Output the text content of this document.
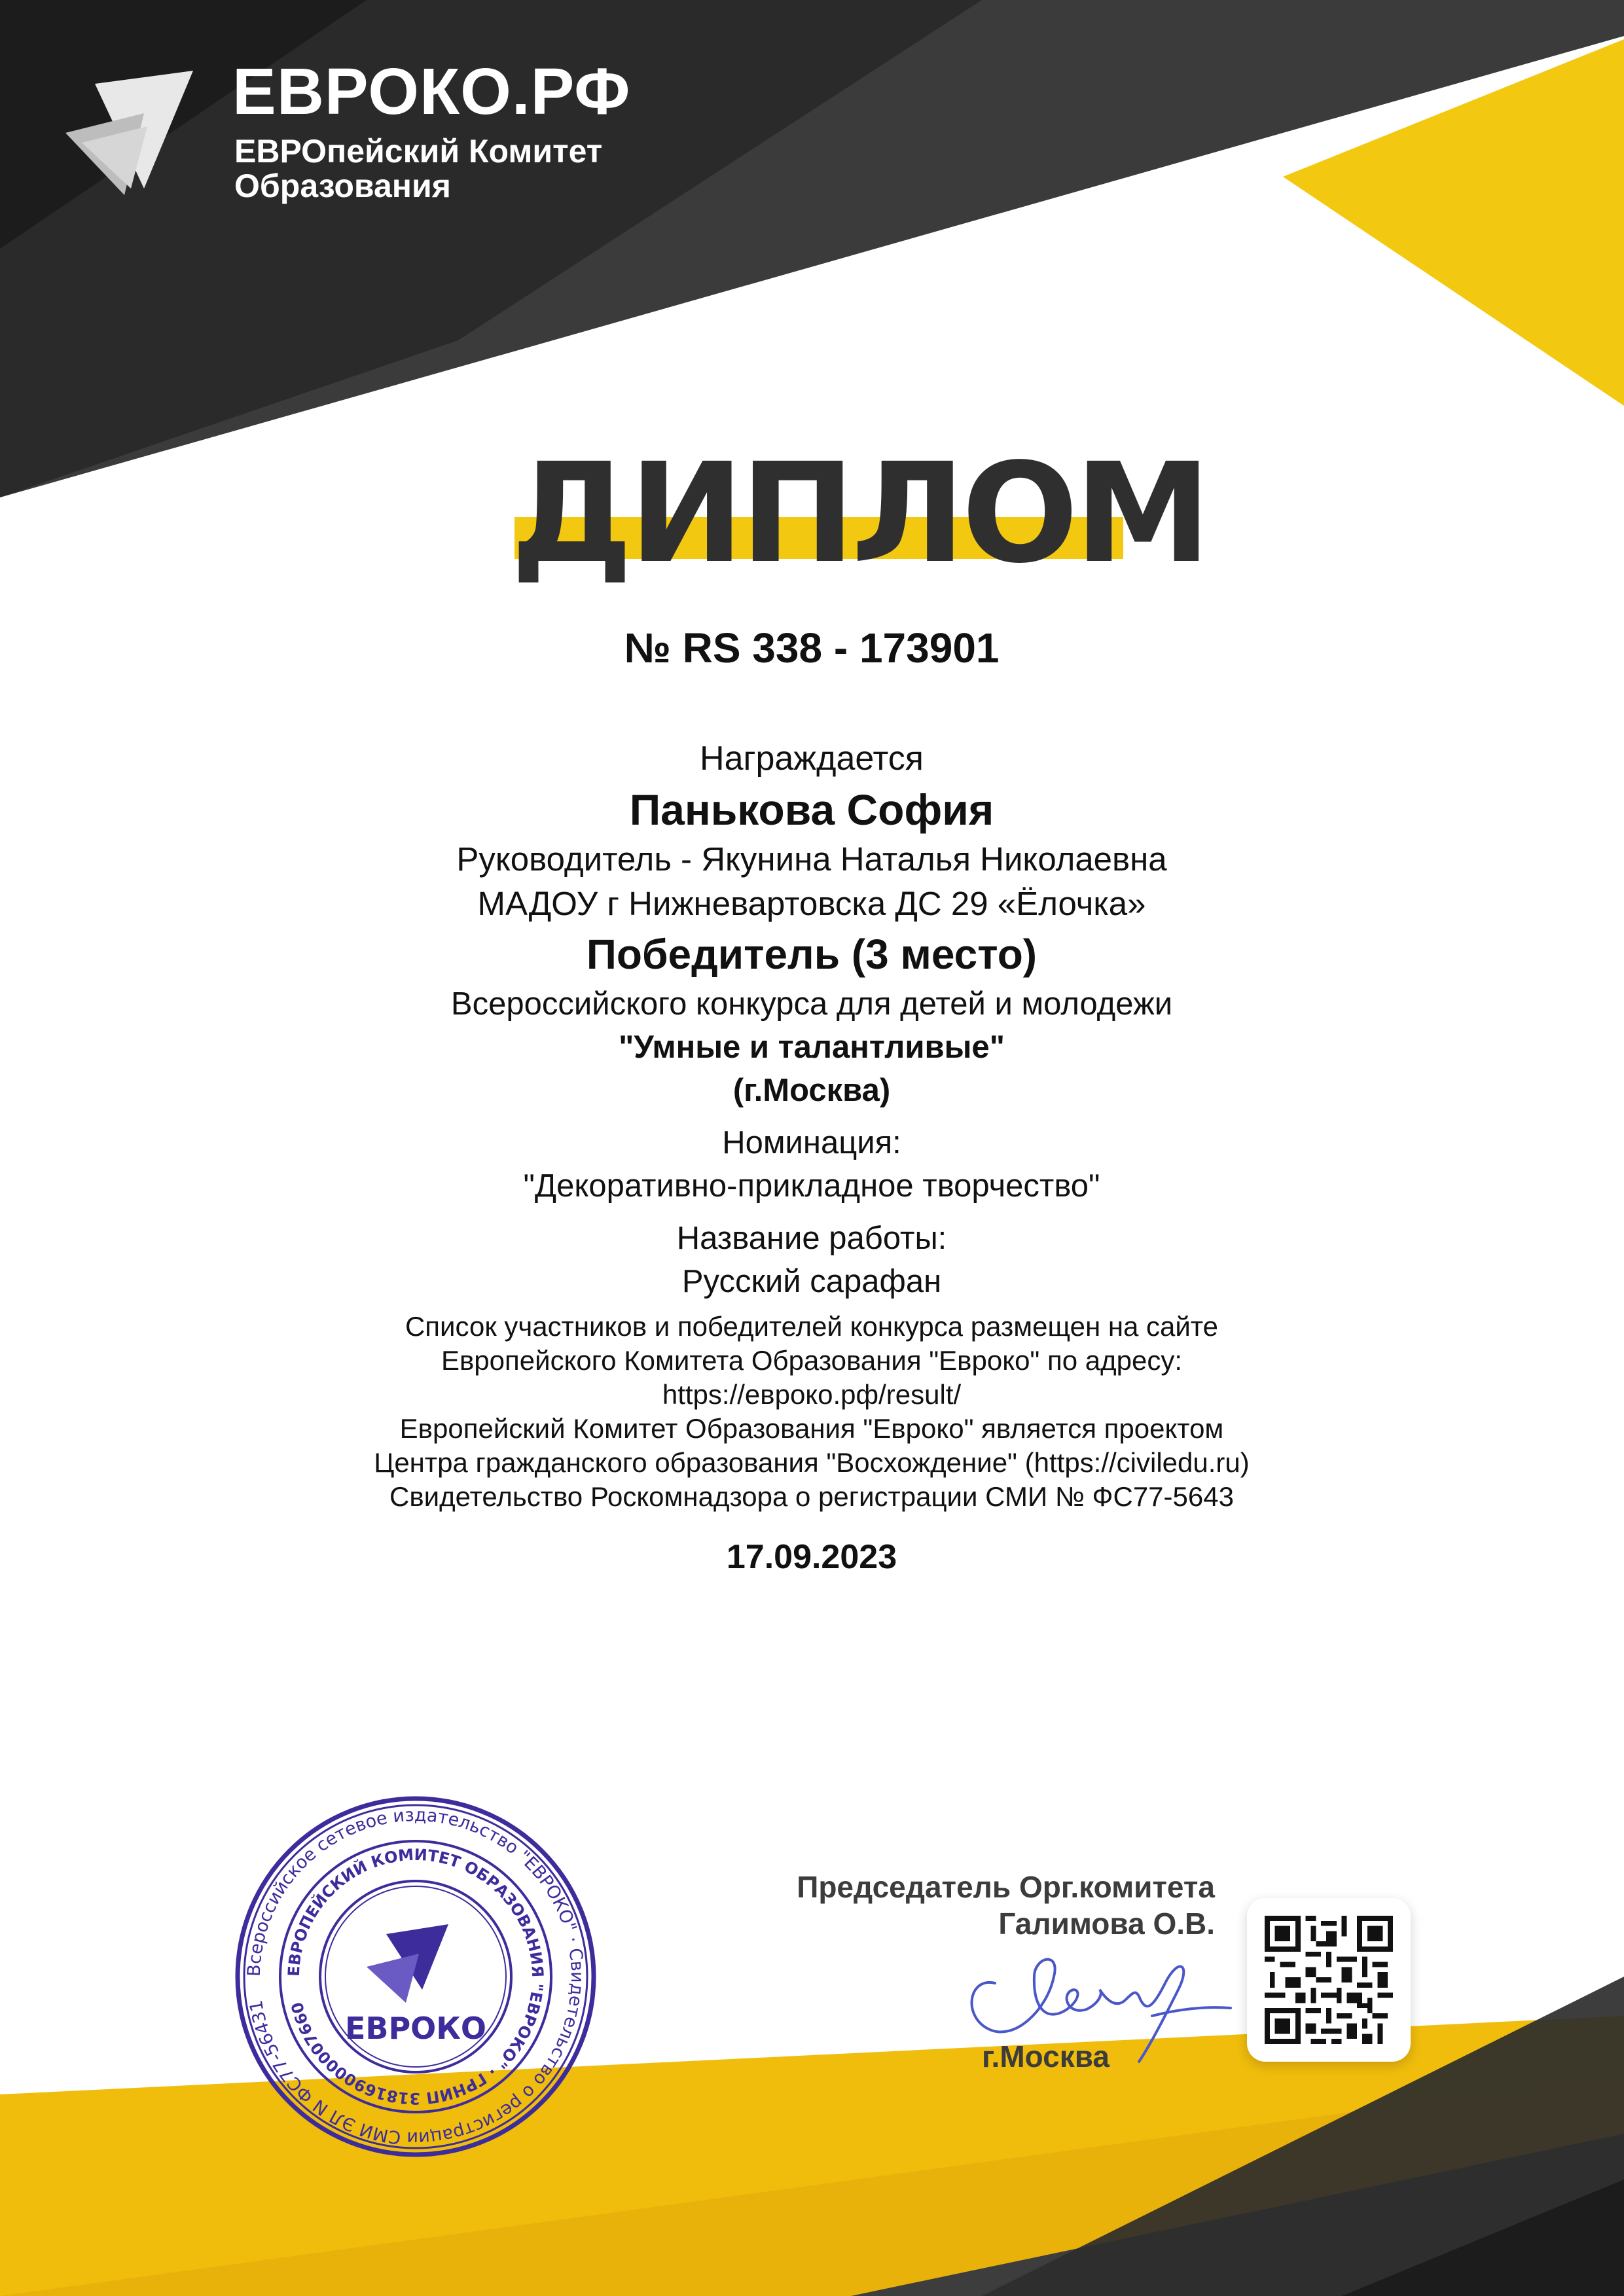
ЕВРОКО.РФ
ЕВРОпейский Комитет
Образования
ДИПЛОМ
№ RS 338 - 173901
Награждается
Панькова София
Руководитель - Якунина Наталья Николаевна
МАДОУ г Нижневартовска ДС 29 «Ёлочка»
Победитель (3 место)
Всероссийского конкурса для детей и молодежи
"Умные и талантливые"
(г.Москва)
Номинация:
"Декоративно-прикладное творчество"
Название работы:
Русский сарафан
Список участников и победителей конкурса размещен на сайте
Европейского Комитета Образования "Евроко" по адресу:
https://евроко.рф/result/
Европейский Комитет Образования "Евроко" является проектом
Центра гражданского образования "Восхождение" (https://civiledu.ru)
Свидетельство Роскомнадзора о регистрации СМИ № ФС77-5643
17.09.2023
Всероссийское сетевое издательство "ЕВРОКО" · Свидетельство о регистрации СМИ ЭЛ N ФС77-56431
ЕВРОПЕЙСКИЙ КОМИТЕТ ОБРАЗОВАНИЯ "ЕВРОКО" · ГРНИП 318169000007660
ЕВРОКО
Председатель Орг.комитета
Галимова О.В.
г.Москва
